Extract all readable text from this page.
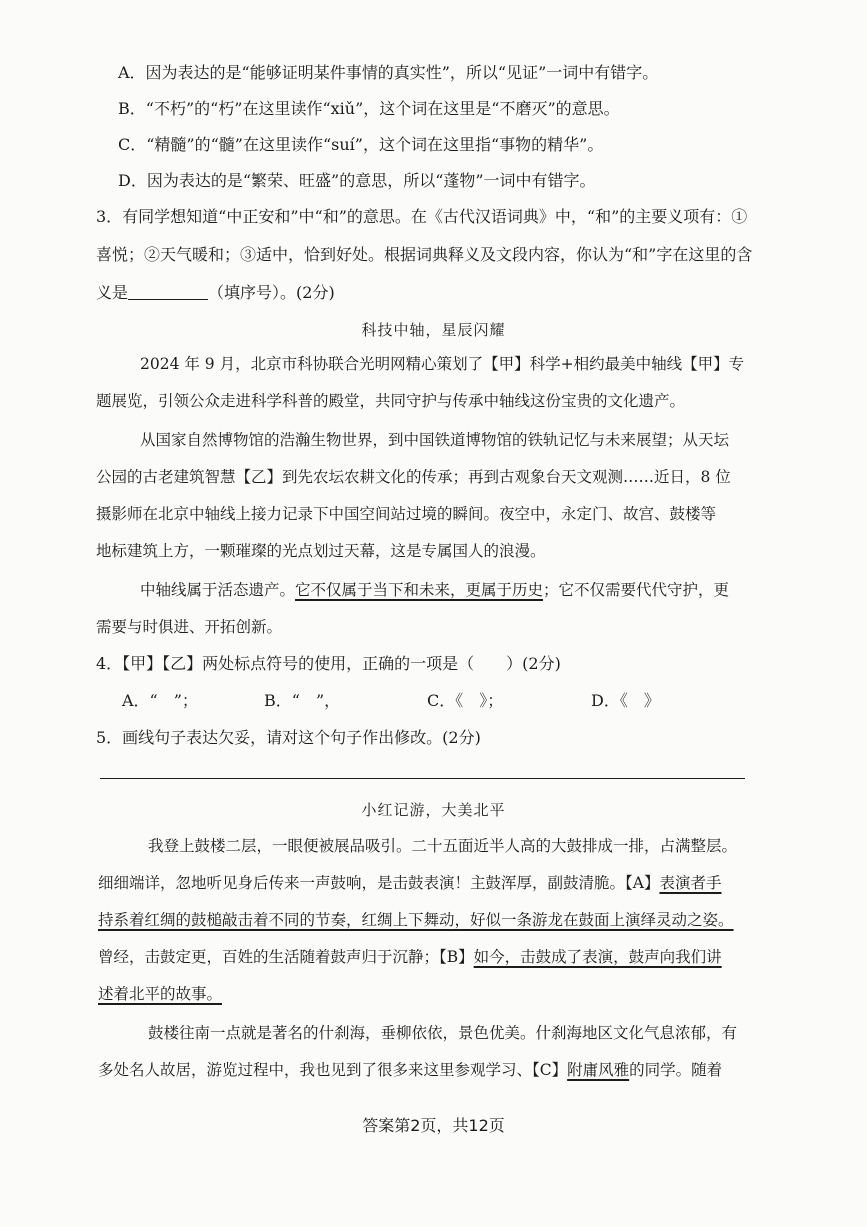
A．因为表达的是“能够证明某件事情的真实性”，所以“见证”一词中有错字。
B．“不朽”的“朽”在这里读作“xiǔ”，这个词在这里是“不磨灭”的意思。
C．“精髓”的“髓”在这里读作“suí”，这个词在这里指“事物的精华”。
D．因为表达的是“繁荣、旺盛”的意思，所以“蓬物”一词中有错字。
3．有同学想知道“中正安和”中“和”的意思。在《古代汉语词典》中，“和”的主要义项有：①
喜悦；②天气暖和；③适中，恰到好处。根据词典释义及文段内容，你认为“和”字在这里的含
义是	（填序号）。(2分)
科技中轴，星辰闪耀
2024 年 9 月，北京市科协联合光明网精心策划了【甲】科学+相约最美中轴线【甲】专
题展览，引领公众走进科学科普的殿堂，共同守护与传承中轴线这份宝贵的文化遗产。
从国家自然博物馆的浩瀚生物世界，到中国铁道博物馆的铁轨记忆与未来展望；从天坛
公园的古老建筑智慧【乙】到先农坛农耕文化的传承；再到古观象台天文观测……近日，8 位
摄影师在北京中轴线上接力记录下中国空间站过境的瞬间。夜空中，永定门、故宫、鼓楼等
地标建筑上方，一颗璀璨的光点划过天幕，这是专属国人的浪漫。
中轴线属于活态遗产。它不仅属于当下和未来，更属于历史；它不仅需要代代守护，更
需要与时俱进、开拓创新。
4．【甲】【乙】两处标点符号的使用，正确的一项是（　　）(2分)
A．“　”；	B．“　”，	C．《　》；	D．《　》
5．画线句子表达欠妥，请对这个句子作出修改。(2分)
小红记游，大美北平
我登上鼓楼二层，一眼便被展品吸引。二十五面近半人高的大鼓排成一排，占满整层。
细细端详，忽地听见身后传来一声鼓响，是击鼓表演！主鼓浑厚，副鼓清脆。【A】表演者手
持系着红绸的鼓槌敲击着不同的节奏，红绸上下舞动，好似一条游龙在鼓面上演绎灵动之姿。
曾经，击鼓定更，百姓的生活随着鼓声归于沉静；【B】如今，击鼓成了表演，鼓声向我们讲
述着北平的故事。
鼓楼往南一点就是著名的什刹海，垂柳依依，景色优美。什刹海地区文化气息浓郁，有
多处名人故居，游览过程中，我也见到了很多来这里参观学习、【C】附庸风雅的同学。随着
答案第2页，共12页
